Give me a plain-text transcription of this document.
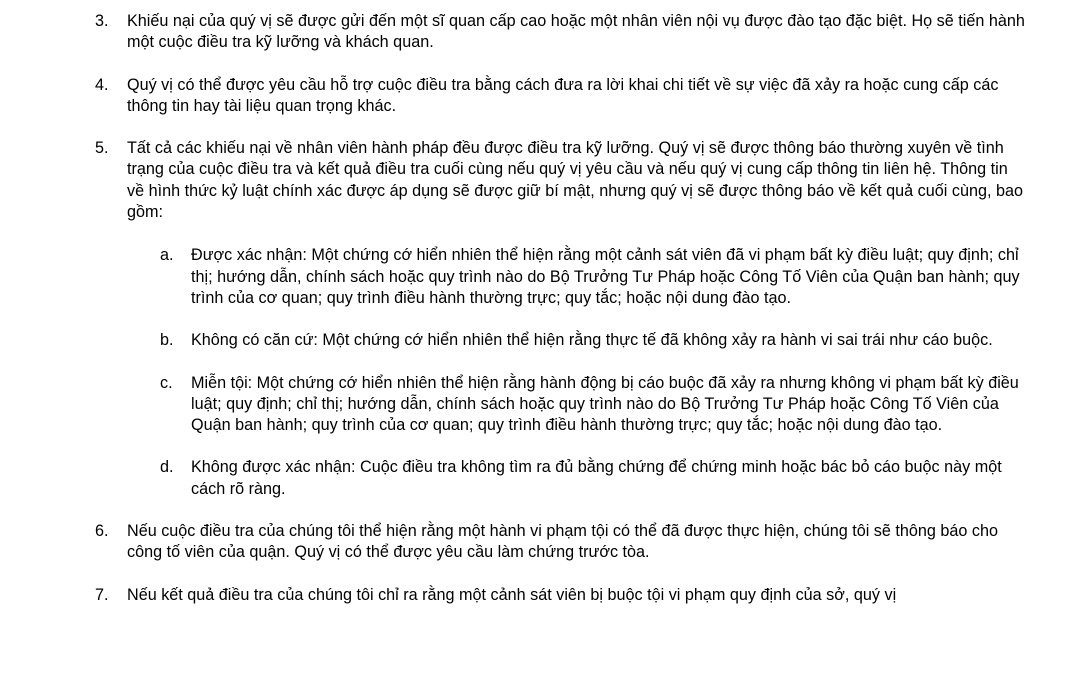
3. Khiếu nại của quý vị sẽ được gửi đến một sĩ quan cấp cao hoặc một nhân viên nội vụ được đào tạo đặc biệt. Họ sẽ tiến hành một cuộc điều tra kỹ lưỡng và khách quan.
4. Quý vị có thể được yêu cầu hỗ trợ cuộc điều tra bằng cách đưa ra lời khai chi tiết về sự việc đã xảy ra hoặc cung cấp các thông tin hay tài liệu quan trọng khác.
5. Tất cả các khiếu nại về nhân viên hành pháp đều được điều tra kỹ lưỡng. Quý vị sẽ được thông báo thường xuyên về tình trạng của cuộc điều tra và kết quả điều tra cuối cùng nếu quý vị yêu cầu và nếu quý vị cung cấp thông tin liên hệ. Thông tin về hình thức kỷ luật chính xác được áp dụng sẽ được giữ bí mật, nhưng quý vị sẽ được thông báo về kết quả cuối cùng, bao gồm:
a. Được xác nhận: Một chứng cớ hiển nhiên thể hiện rằng một cảnh sát viên đã vi phạm bất kỳ điều luật; quy định; chỉ thị; hướng dẫn, chính sách hoặc quy trình nào do Bộ Trưởng Tư Pháp hoặc Công Tố Viên của Quận ban hành; quy trình của cơ quan; quy trình điều hành thường trực; quy tắc; hoặc nội dung đào tạo.
b. Không có căn cứ: Một chứng cớ hiển nhiên thể hiện rằng thực tế đã không xảy ra hành vi sai trái như cáo buộc.
c. Miễn tội: Một chứng cớ hiển nhiên thể hiện rằng hành động bị cáo buộc đã xảy ra nhưng không vi phạm bất kỳ điều luật; quy định; chỉ thị; hướng dẫn, chính sách hoặc quy trình nào do Bộ Trưởng Tư Pháp hoặc Công Tố Viên của Quận ban hành; quy trình của cơ quan; quy trình điều hành thường trực; quy tắc; hoặc nội dung đào tạo.
d. Không được xác nhận: Cuộc điều tra không tìm ra đủ bằng chứng để chứng minh hoặc bác bỏ cáo buộc này một cách rõ ràng.
6. Nếu cuộc điều tra của chúng tôi thể hiện rằng một hành vi phạm tội có thể đã được thực hiện, chúng tôi sẽ thông báo cho công tố viên của quận. Quý vị có thể được yêu cầu làm chứng trước tòa.
7. Nếu kết quả điều tra của chúng tôi chỉ ra rằng một cảnh sát viên bị buộc tội vi phạm quy định của sở, quý vị
